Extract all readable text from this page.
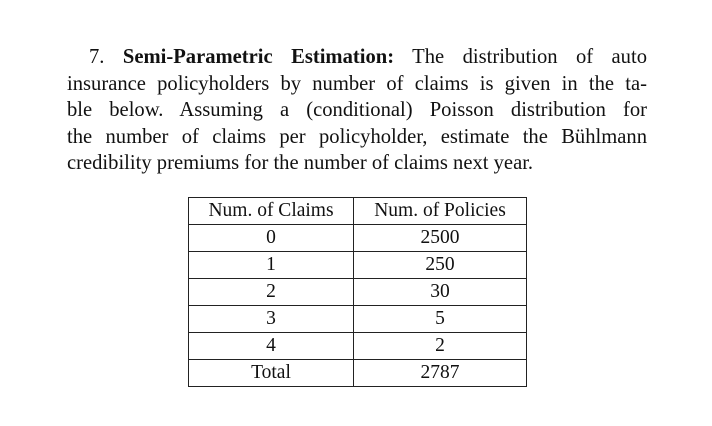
7. Semi-Parametric Estimation: The distribution of auto
insurance policyholders by number of claims is given in the ta-
ble below. Assuming a (conditional) Poisson distribution for
the number of claims per policyholder, estimate the Bühlmann
credibility premiums for the number of claims next year.
Num. of Claims	Num. of Policies
0	2500
1	250
2	30
3	5
4	2
Total	2787
